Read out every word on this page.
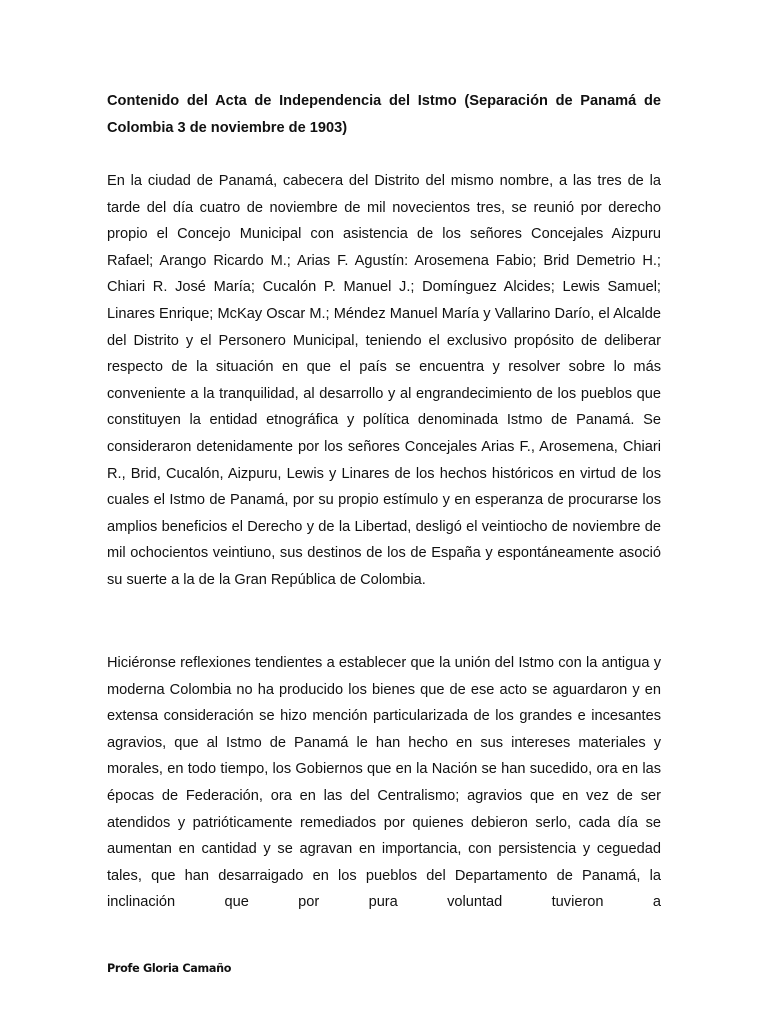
Contenido del Acta de Independencia del Istmo (Separación de Panamá de Colombia 3 de noviembre de 1903)

En la ciudad de Panamá, cabecera del Distrito del mismo nombre, a las tres de la tarde del día cuatro de noviembre de mil novecientos tres, se reunió por derecho propio el Concejo Municipal con asistencia de los señores Concejales Aizpuru Rafael; Arango Ricardo M.; Arias F. Agustín: Arosemena Fabio; Brid Demetrio H.; Chiari R. José María; Cucalón P. Manuel J.; Domínguez Alcides; Lewis Samuel; Linares Enrique; McKay Oscar M.; Méndez Manuel María y Vallarino Darío, el Alcalde del Distrito y el Personero Municipal, teniendo el exclusivo propósito de deliberar respecto de la situación en que el país se encuentra y resolver sobre lo más conveniente a la tranquilidad, al desarrollo y al engrandecimiento de los pueblos que constituyen la entidad etnográfica y política denominada Istmo de Panamá. Se consideraron detenidamente por los señores Concejales Arias F., Arosemena, Chiari R., Brid, Cucalón, Aizpuru, Lewis y Linares de los hechos históricos en virtud de los cuales el Istmo de Panamá, por su propio estímulo y en esperanza de procurarse los amplios beneficios el Derecho y de la Libertad, desligó el veintiocho de noviembre de mil ochocientos veintiuno, sus destinos de los de España y espontáneamente asoció su suerte a la de la Gran República de Colombia.

Hiciéronse reflexiones tendientes a establecer que la unión del Istmo con la antigua y moderna Colombia no ha producido los bienes que de ese acto se aguardaron y en extensa consideración se hizo mención particularizada de los grandes e incesantes agravios, que al Istmo de Panamá le han hecho en sus intereses materiales y morales, en todo tiempo, los Gobiernos que en la Nación se han sucedido, ora en las épocas de Federación, ora en las del Centralismo; agravios que en vez de ser atendidos y patrióticamente remediados por quienes debieron serlo, cada día se aumentan en cantidad y se agravan en importancia, con persistencia y ceguedad tales, que han desarraigado en los pueblos del Departamento de Panamá, la inclinación que por pura voluntad tuvieron a

Profe Gloria Camaño
